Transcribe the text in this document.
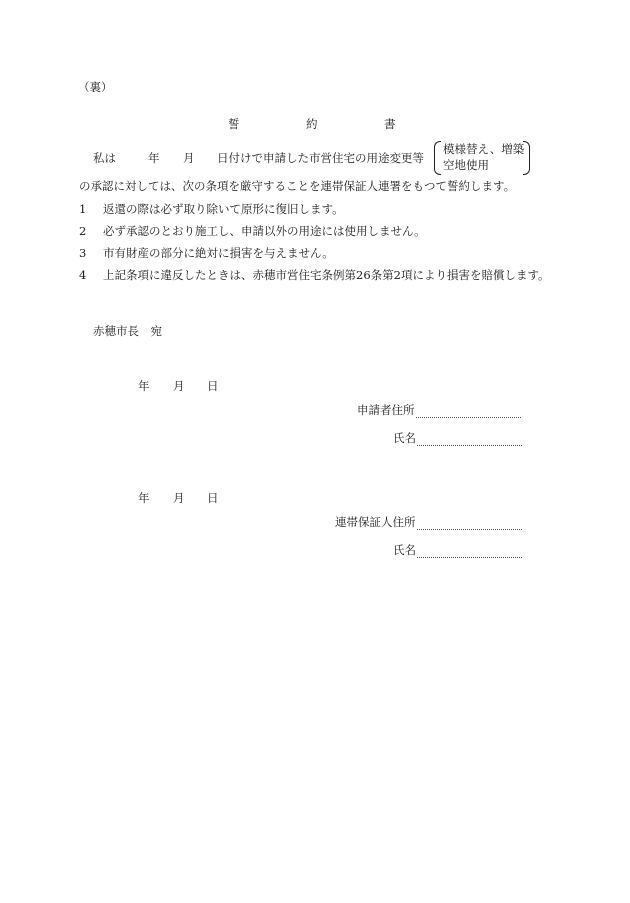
（裏）
誓	約	書
私は	年 月 日付けで申請した市営住宅の用途変更等
模様替え、増築
空地使用
の承認に対しては、次の条項を厳守することを連帯保証人連署をもつて誓約します。
1 返還の際は必ず取り除いて原形に復旧します。
2 必ず承認のとおり施工し、申請以外の用途には使用しません。
3 市有財産の部分に絶対に損害を与えません。
4 上記条項に違反したときは、赤穂市営住宅条例第26条第2項により損害を賠償します。
赤穂市長　宛
年 月 日
申請者住所
氏名
年 月 日
連帯保証人住所
氏名
